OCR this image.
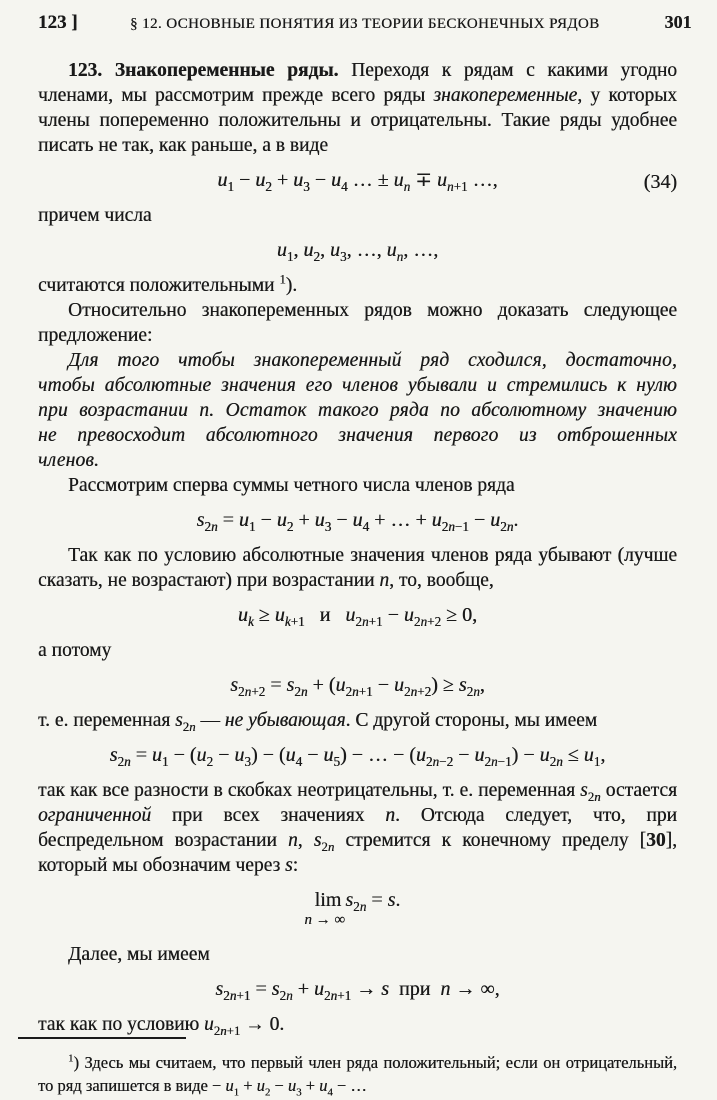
123 ]	§ 12. ОСНОВНЫЕ ПОНЯТИЯ ИЗ ТЕОРИИ БЕСКОНЕЧНЫХ РЯДОВ	301

123. Знакопеременные ряды. Переходя к рядам с какими угодно членами, мы рассмотрим прежде всего ряды знакопеременные, у которых члены попеременно положительны и отрицательны. Такие ряды удобнее писать не так, как раньше, а в виде

$u_1 - u_2 + u_3 - u_4$ … ± $u_n \mp u_{n+1}$ …,	(34)

причем числа

$u_1$, $u_2$, $u_3$, …, $u_n$, …,

считаются положительными $^1$).

Относительно знакопеременных рядов можно доказать следующее предложение:

Для того чтобы знакопеременный ряд сходился, достаточно, чтобы абсолютные значения его членов убывали и стремились к нулю при возрастании n. Остаток такого ряда по абсолютному значению не превосходит абсолютного значения первого из отброшенных членов.

Рассмотрим сперва суммы четного числа членов ряда

$s_{2n} = u_1 - u_2 + u_3 - u_4$ + … + $u_{2n-1} - u_{2n}$.

Так как по условию абсолютные значения членов ряда убывают (лучше сказать, не возрастают) при возрастании n, то, вообще,

$u_k \ge u_{k+1}$   и   $u_{2n+1} - u_{2n+2} \ge 0$,

а потому

$s_{2n+2} = s_{2n} + (u_{2n+1} - u_{2n+2}) \ge s_{2n}$,

т. е. переменная $s_{2n}$ — не убывающая. С другой стороны, мы имеем

$s_{2n} = u_1 - (u_2 - u_3) - (u_4 - u_5)$ − … − $(u_{2n-2} - u_{2n-1}) - u_{2n} \le u_1$,

так как все разности в скобках неотрицательны, т. е. переменная $s_{2n}$ остается ограниченной при всех значениях n. Отсюда следует, что, при беспредельном возрастании n, $s_{2n}$ стремится к конечному пределу [30], который мы обозначим через s:

lim
n → ∞
 $s_{2n} = s$.

Далее, мы имеем

$s_{2n+1} = s_{2n} + u_{2n+1} \to s$  при  n → ∞,

так как по условию $u_{2n+1} \to 0$.

$^1$) Здесь мы считаем, что первый член ряда положительный; если он отрицательный, то ряд запишется в виде − $u_1 + u_2 - u_3 + u_4$ − …
